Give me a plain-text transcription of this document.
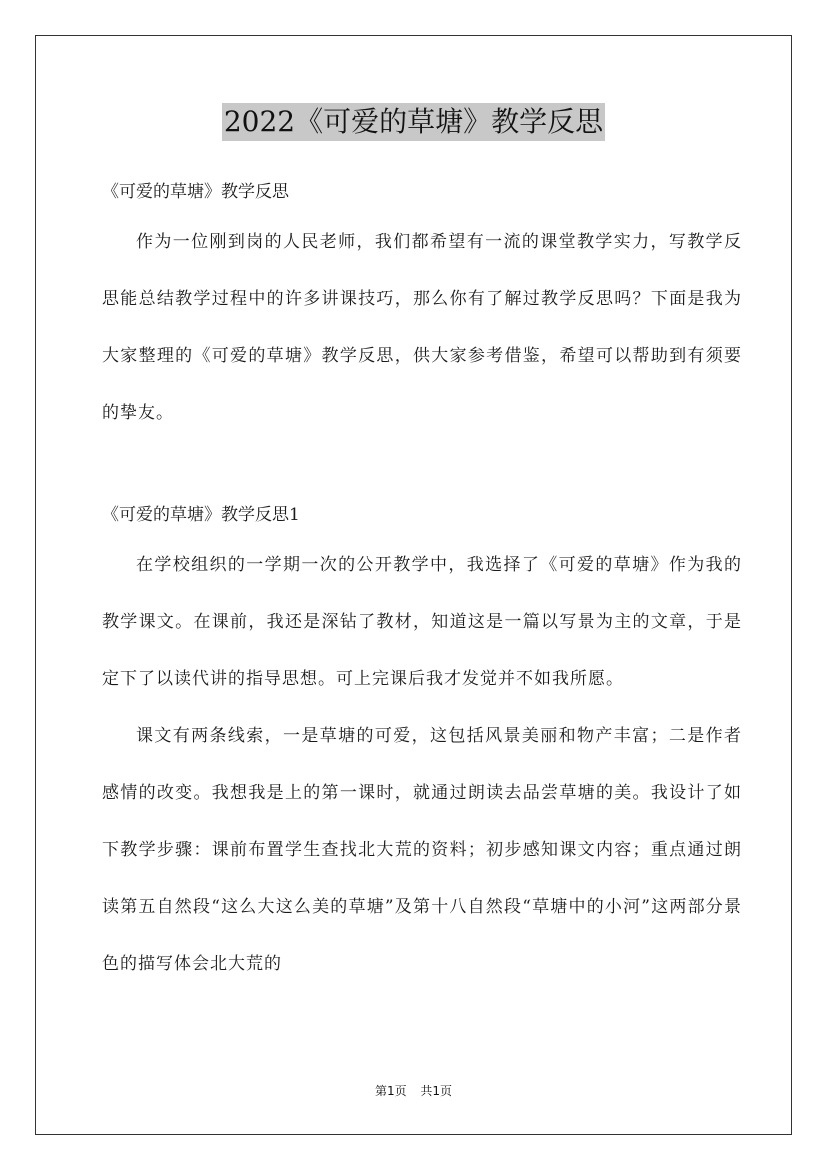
2022《可爱的草塘》教学反思

《可爱的草塘》教学反思

作为一位刚到岗的人民老师，我们都希望有一流的课堂教学实力，写教学反思能总结教学过程中的许多讲课技巧，那么你有了解过教学反思吗？下面是我为大家整理的《可爱的草塘》教学反思，供大家参考借鉴，希望可以帮助到有须要的挚友。

《可爱的草塘》教学反思1

在学校组织的一学期一次的公开教学中，我选择了《可爱的草塘》作为我的教学课文。在课前，我还是深钻了教材，知道这是一篇以写景为主的文章，于是定下了以读代讲的指导思想。可上完课后我才发觉并不如我所愿。

课文有两条线索，一是草塘的可爱，这包括风景美丽和物产丰富；二是作者感情的改变。我想我是上的第一课时，就通过朗读去品尝草塘的美。我设计了如下教学步骤：课前布置学生查找北大荒的资料；初步感知课文内容；重点通过朗读第五自然段“这么大这么美的草塘”及第十八自然段“草塘中的小河”这两部分景色的描写体会北大荒的

第1页 共1页
